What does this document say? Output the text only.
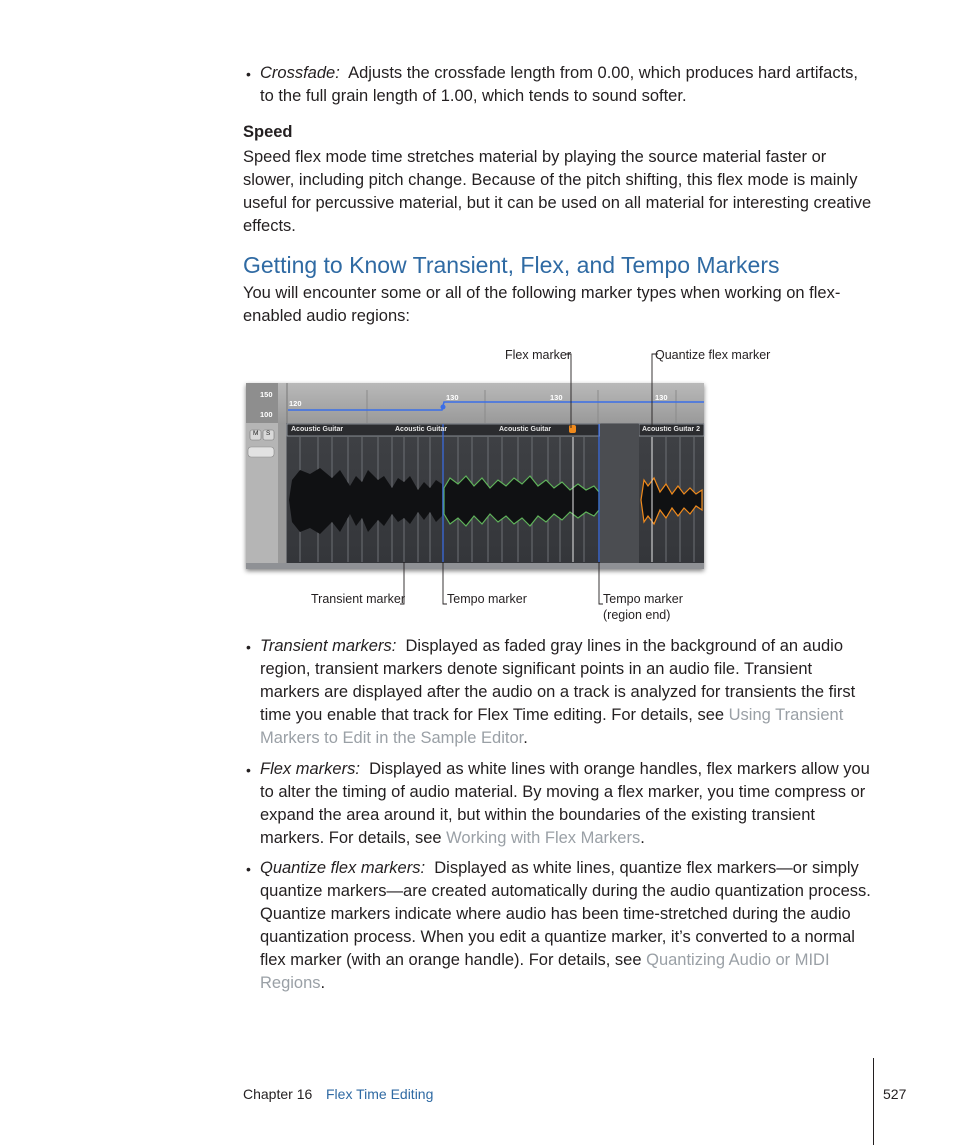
• Crossfade: Adjusts the crossfade length from 0.00, which produces hard artifacts, to the full grain length of 1.00, which tends to sound softer.
Speed
Speed flex mode time stretches material by playing the source material faster or slower, including pitch change. Because of the pitch shifting, this flex mode is mainly useful for percussive material, but it can be used on all material for interesting creative effects.
Getting to Know Transient, Flex, and Tempo Markers
You will encounter some or all of the following marker types when working on flex-enabled audio regions:
150
100
120
130	130	130
M S
Acoustic Guitar	Acoustic Guitar	Acoustic Guitar	Acoustic Guitar 2
Flex marker	Quantize flex marker
Transient marker	Tempo marker	Tempo marker
(region end)
• Transient markers: Displayed as faded gray lines in the background of an audio region, transient markers denote significant points in an audio file. Transient markers are displayed after the audio on a track is analyzed for transients the first time you enable that track for Flex Time editing. For details, see Using Transient Markers to Edit in the Sample Editor.
• Flex markers: Displayed as white lines with orange handles, flex markers allow you to alter the timing of audio material. By moving a flex marker, you time compress or expand the area around it, but within the boundaries of the existing transient markers. For details, see Working with Flex Markers.
• Quantize flex markers: Displayed as white lines, quantize flex markers—or simply quantize markers—are created automatically during the audio quantization process. Quantize markers indicate where audio has been time-stretched during the audio quantization process. When you edit a quantize marker, it’s converted to a normal flex marker (with an orange handle). For details, see Quantizing Audio or MIDI Regions.
Chapter 16 Flex Time Editing	527
